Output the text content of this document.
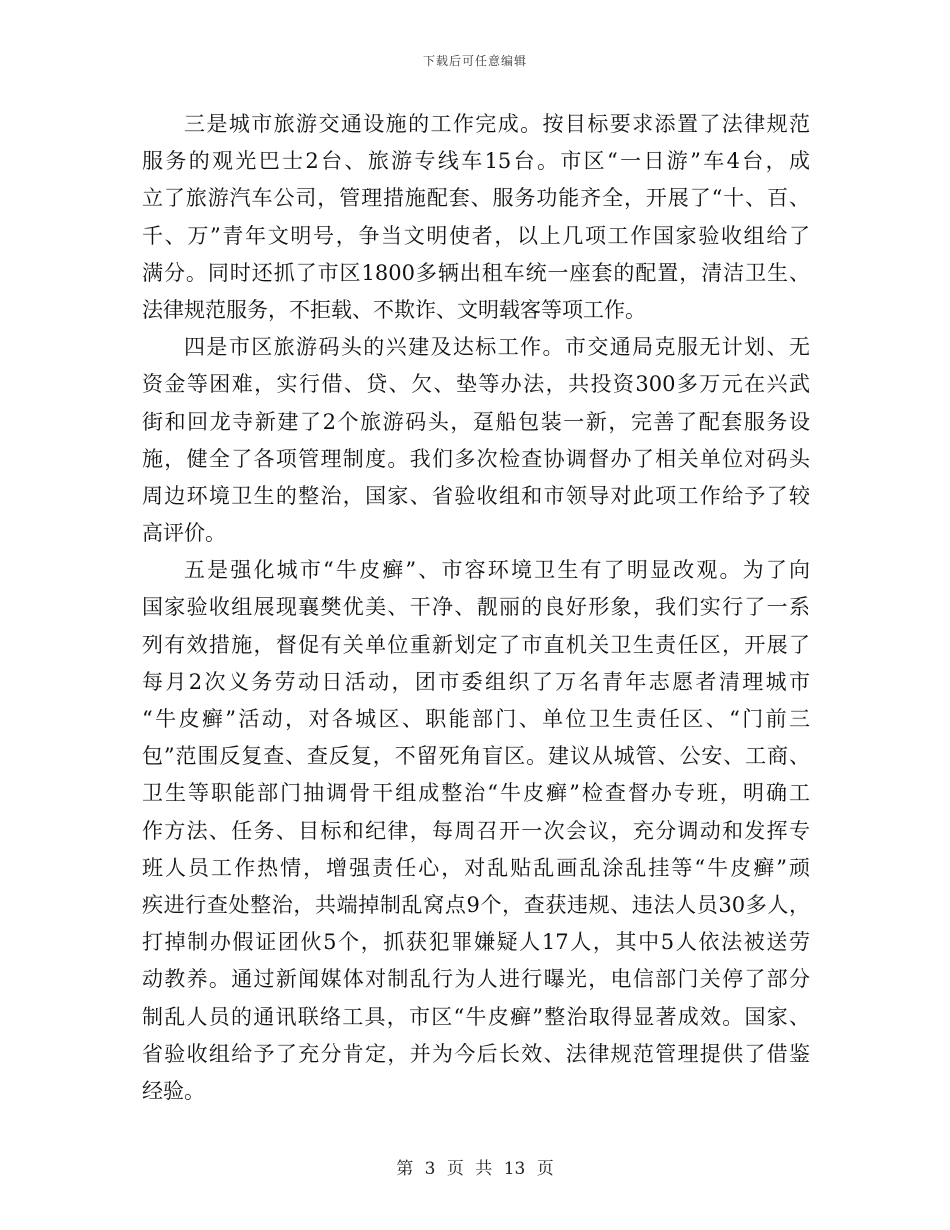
下载后可任意编辑
三是城市旅游交通设施的工作完成。按目标要求添置了法律规范
服务的观光巴士2台、旅游专线车15台。市区“一日游”车4台，成
立了旅游汽车公司，管理措施配套、服务功能齐全，开展了“十、百、
千、万”青年文明号，争当文明使者，以上几项工作国家验收组给了
满分。同时还抓了市区1800多辆出租车统一座套的配置，清洁卫生、
法律规范服务，不拒载、不欺诈、文明载客等项工作。
四是市区旅游码头的兴建及达标工作。市交通局克服无计划、无
资金等困难，实行借、贷、欠、垫等办法，共投资300多万元在兴武
街和回龙寺新建了2个旅游码头，趸船包装一新，完善了配套服务设
施，健全了各项管理制度。我们多次检查协调督办了相关单位对码头
周边环境卫生的整治，国家、省验收组和市领导对此项工作给予了较
高评价。
五是强化城市“牛皮癣”、市容环境卫生有了明显改观。为了向
国家验收组展现襄樊优美、干净、靓丽的良好形象，我们实行了一系
列有效措施，督促有关单位重新划定了市直机关卫生责任区，开展了
每月2次义务劳动日活动，团市委组织了万名青年志愿者清理城市
“牛皮癣”活动，对各城区、职能部门、单位卫生责任区、“门前三
包”范围反复查、查反复，不留死角盲区。建议从城管、公安、工商、
卫生等职能部门抽调骨干组成整治“牛皮癣”检查督办专班，明确工
作方法、任务、目标和纪律，每周召开一次会议，充分调动和发挥专
班人员工作热情，增强责任心，对乱贴乱画乱涂乱挂等“牛皮癣”顽
疾进行查处整治，共端掉制乱窝点9个，查获违规、违法人员30多人，
打掉制办假证团伙5个，抓获犯罪嫌疑人17人，其中5人依法被送劳
动教养。通过新闻媒体对制乱行为人进行曝光，电信部门关停了部分
制乱人员的通讯联络工具，市区“牛皮癣”整治取得显著成效。国家、
省验收组给予了充分肯定，并为今后长效、法律规范管理提供了借鉴
经验。
第 3 页 共 13 页
